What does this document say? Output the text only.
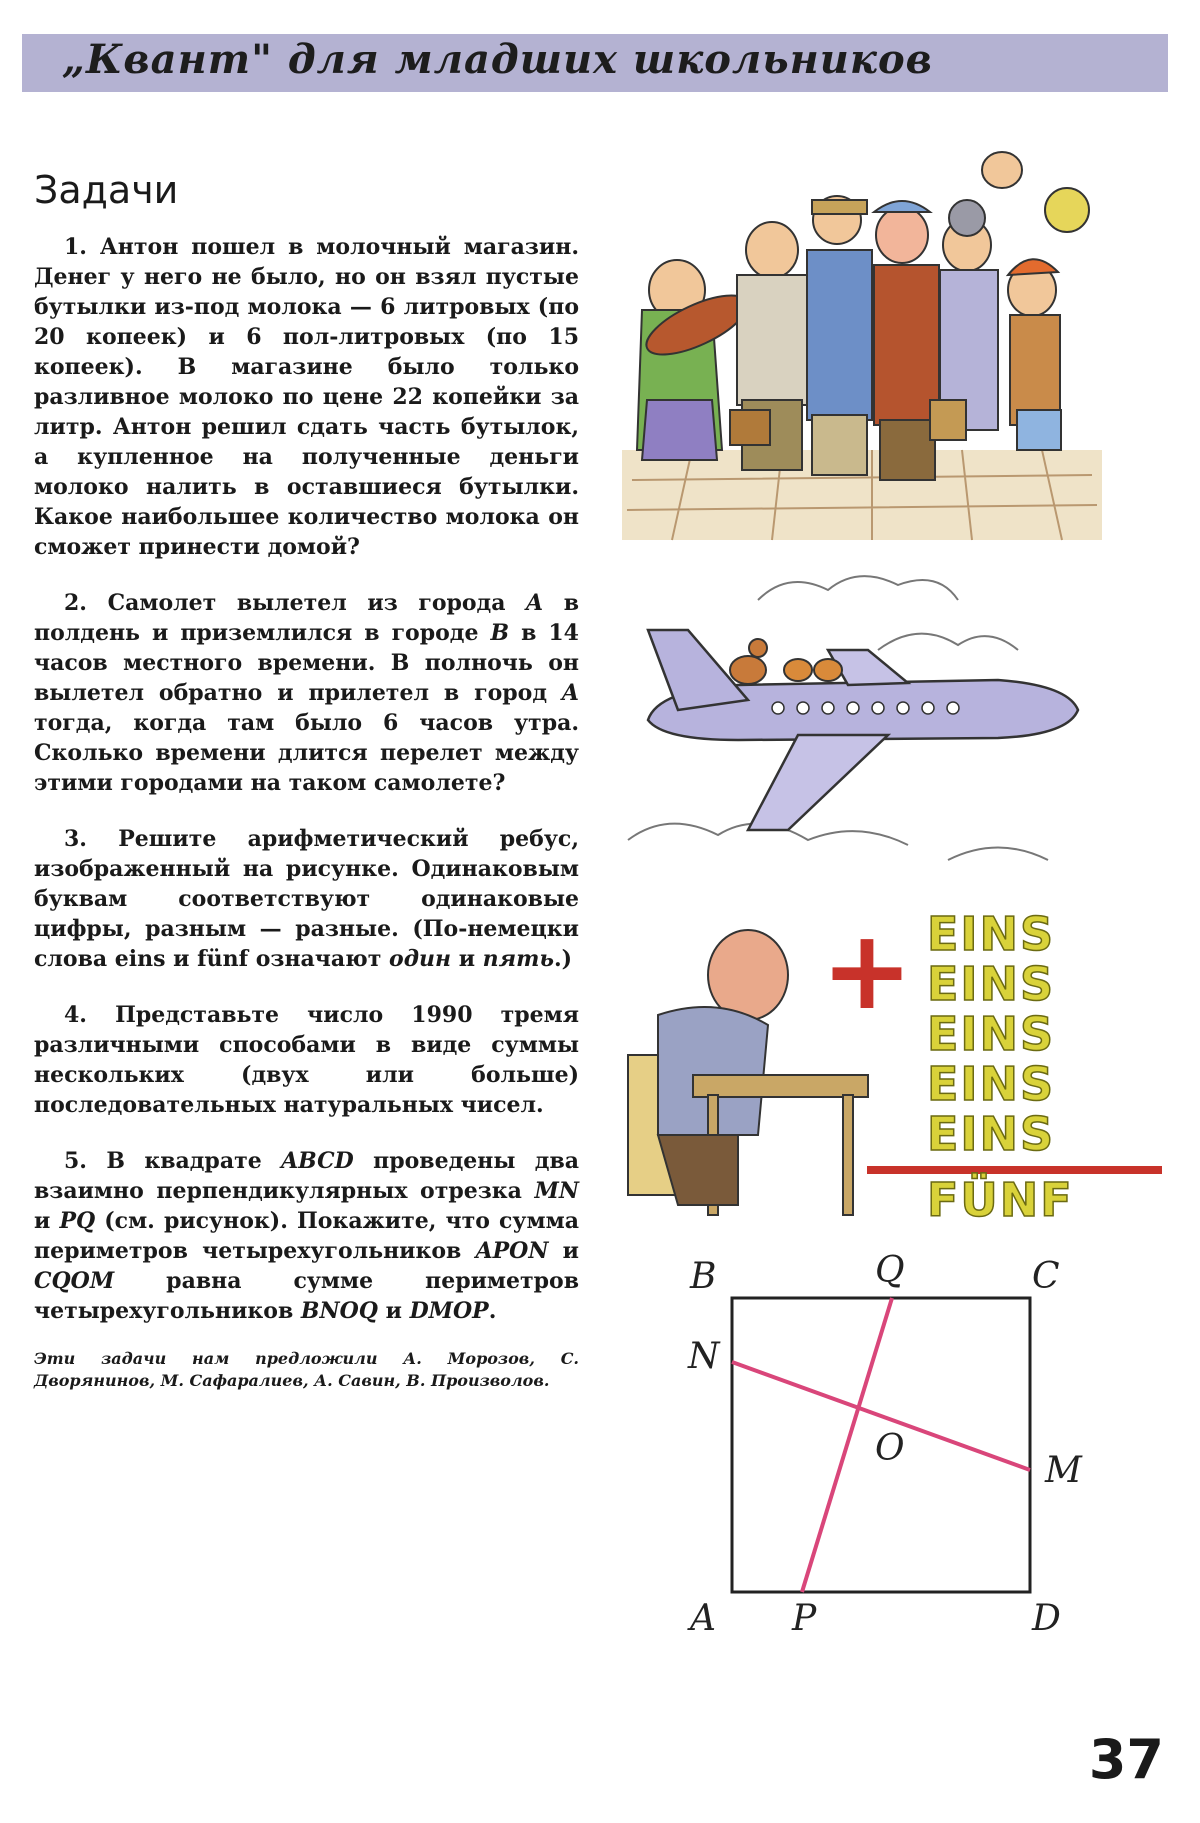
„Квант" для младших школьников
Задачи

1. Антон пошел в молочный магазин. Денег у него не было, но он взял пустые бутылки из-под молока — 6 литровых (по 20 копеек) и 6 пол-литровых (по 15 копеек). В магазине было только разливное молоко по цене 22 копейки за литр. Антон решил сдать часть бутылок, а купленное на полученные деньги молоко налить в оставшиеся бутылки. Какое наибольшее количество молока он сможет принести домой?

2. Самолет вылетел из города A в полдень и приземлился в городе B в 14 часов местного времени. В полночь он вылетел обратно и прилетел в город A тогда, когда там было 6 часов утра. Сколько времени длится перелет между этими городами на таком самолете?

3. Решите арифметический ребус, изображенный на рисунке. Одинаковым буквам соответствуют одинаковые цифры, разным — разные. (По-немецки слова eins и fünf означают один и пять.)

4. Представьте число 1990 тремя различными способами в виде суммы нескольких (двух или больше) последовательных натуральных чисел.

5. В квадрате ABCD проведены два взаимно перпендикулярных отрезка MN и PQ (см. рисунок). Покажите, что сумма периметров четырехугольников APON и CQOM равна сумме периметров четырехугольников BNOQ и DMOP.

Эти задачи нам предложили А. Морозов, С. Дворянинов, М. Сафаралиев, А. Савин, В. Произволов.

+ EINS
EINS
EINS
EINS
EINS
FÜNF
B	Q	C
N
O
M
A P	D
37
